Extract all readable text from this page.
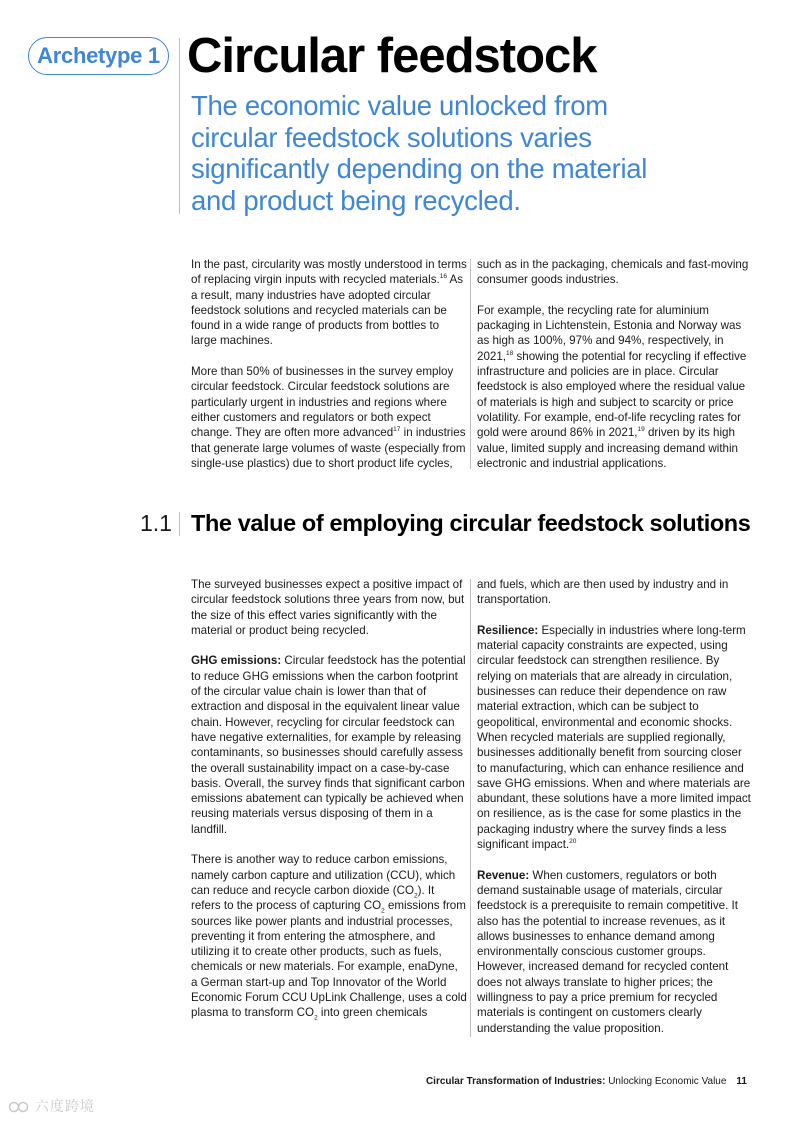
Archetype 1 Circular feedstock
The economic value unlocked from circular feedstock solutions varies significantly depending on the material and product being recycled.

In the past, circularity was mostly understood in terms of replacing virgin inputs with recycled materials.$^{16}$ As a result, many industries have adopted circular feedstock solutions and recycled materials can be found in a wide range of products from bottles to large machines.

More than 50% of businesses in the survey employ circular feedstock. Circular feedstock solutions are particularly urgent in industries and regions where either customers and regulators or both expect change. They are often more advanced$^{17}$ in industries that generate large volumes of waste (especially from single-use plastics) due to short product life cycles,

such as in the packaging, chemicals and fast-moving consumer goods industries.

For example, the recycling rate for aluminium packaging in Lichtenstein, Estonia and Norway was as high as 100%, 97% and 94%, respectively, in 2021,18 showing the potential for recycling if effective infrastructure and policies are in place. Circular feedstock is also employed where the residual value of materials is high and subject to scarcity or price volatility. For example, end-of-life recycling rates for gold were around 86% in 2021,19 driven by its high value, limited supply and increasing demand within electronic and industrial applications.

1.1 The value of employing circular feedstock solutions

The surveyed businesses expect a positive impact of circular feedstock solutions three years from now, but the size of this effect varies significantly with the material or product being recycled.

GHG emissions: Circular feedstock has the potential to reduce GHG emissions when the carbon footprint of the circular value chain is lower than that of extraction and disposal in the equivalent linear value chain. However, recycling for circular feedstock can have negative externalities, for example by releasing contaminants, so businesses should carefully assess the overall sustainability impact on a case-by-case basis. Overall, the survey finds that significant carbon emissions abatement can typically be achieved when reusing materials versus disposing of them in a landfill.

There is another way to reduce carbon emissions, namely carbon capture and utilization (CCU), which can reduce and recycle carbon dioxide $(CO_2)$. It refers to the process of capturing $CO_2$ emissions from sources like power plants and industrial processes, preventing it from entering the atmosphere, and utilizing it to create other products, such as fuels, chemicals or new materials. For example, enaDyne, a German start-up and Top Innovator of the World Economic Forum CCU UpLink Challenge, uses a cold plasma to transform $CO_2$ into green chemicals

and fuels, which are then used by industry and in transportation.

Resilience: Especially in industries where long-term material capacity constraints are expected, using circular feedstock can strengthen resilience. By relying on materials that are already in circulation, businesses can reduce their dependence on raw material extraction, which can be subject to geopolitical, environmental and economic shocks. When recycled materials are supplied regionally, businesses additionally benefit from sourcing closer to manufacturing, which can enhance resilience and save GHG emissions. When and where materials are abundant, these solutions have a more limited impact on resilience, as is the case for some plastics in the packaging industry where the survey finds a less significant impact.$^{20}$

Revenue: When customers, regulators or both demand sustainable usage of materials, circular feedstock is a prerequisite to remain competitive. It also has the potential to increase revenues, as it allows businesses to enhance demand among environmentally conscious customer groups. However, increased demand for recycled content does not always translate to higher prices; the willingness to pay a price premium for recycled materials is contingent on customers clearly understanding the value proposition.

Circular Transformation of Industries: Unlocking Economic Value 11
六度跨境
